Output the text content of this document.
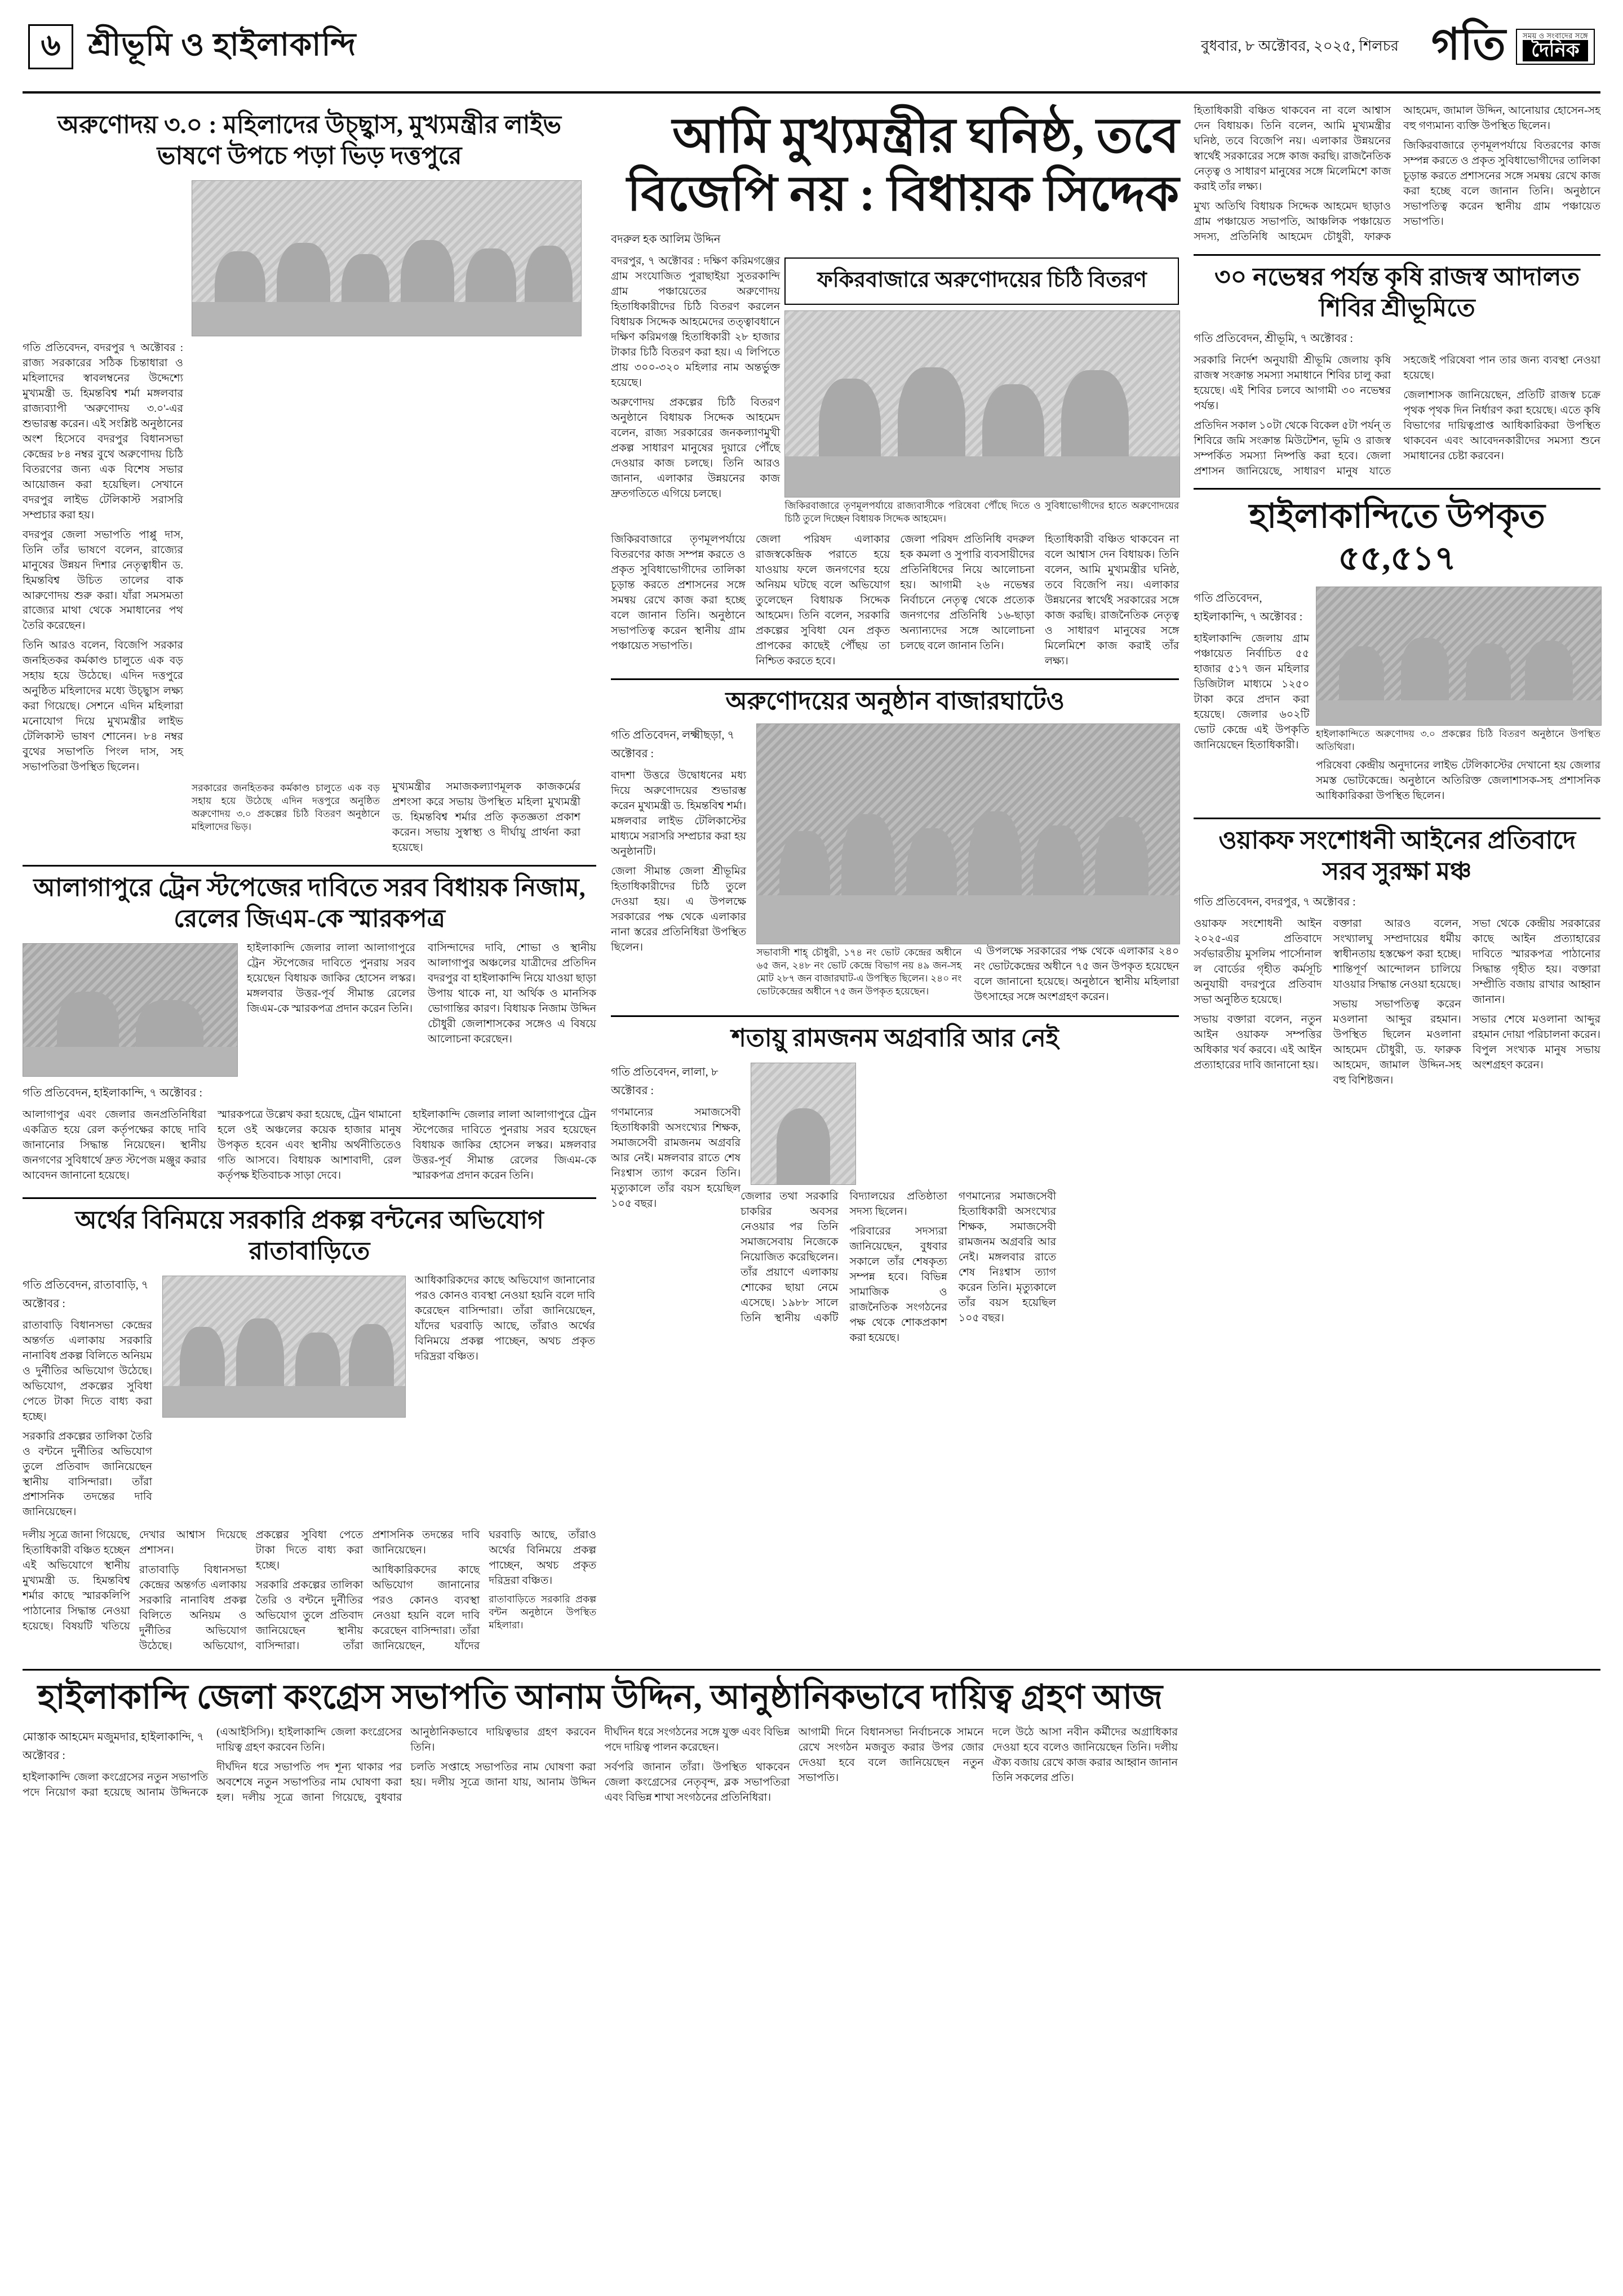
৬ শ্রীভূমি ও হাইলাকান্দি	বুধবার, ৮ অক্টোবর, ২০২৫, শিলচর গতি সময় ও সংবাদের সঙ্গে
দৈনিক
অরুণোদয় ৩.০ : মহিলাদের উচ্ছ্বাস, মুখ্যমন্ত্রীর লাইভ ভাষণে উপচে পড়া ভিড় দত্তপুরে

গতি প্রতিবেদন, বদরপুর ৭ অক্টোবর : রাজ্য সরকারের সঠিক চিন্তাধারা ও মহিলাদের স্বাবলম্বনের উদ্দেশ্যে মুখ্যমন্ত্রী ড. হিমন্তবিশ্ব শর্মা মঙ্গলবার রাজ্যব্যাপী 'অরুণোদয় ৩.০'-এর শুভারম্ভ করেন। এই সংশ্লিষ্ট অনুষ্ঠানের অংশ হিসেবে বদরপুর বিধানসভা কেন্দ্রের ৮৪ নম্বর বুথে অরুণোদয় চিঠি বিতরণের জন্য এক বিশেষ সভার আয়োজন করা হয়েছিল। সেখানে বদরপুর লাইভ টেলিকাস্ট সরাসরি সম্প্রচার করা হয়।

বদরপুর জেলা সভাপতি পাপ্পু দাস, তিনি তাঁর ভাষণে বলেন, রাজ্যের মানুষের উন্নয়ন দিশার নেতৃত্বাধীন ড. হিমন্তবিশ্ব উচিত তালের বাক আরুণোদয় শুরু করা। যাঁরা সমসমতা রাজ্যের মাথা থেকে সমাধানের পথ তৈরি করেছেন।

তিনি আরও বলেন, বিজেপি সরকার জনহিতকর কর্মকাণ্ড চালুতে এক বড় সহায় হয়ে উঠেছে। এদিন দত্তপুরে অনুষ্ঠিত মহিলাদের মধ্যে উচ্ছ্বাস লক্ষ্য করা গিয়েছে। সেশনে এদিন মহিলারা মনোযোগ দিয়ে মুখ্যমন্ত্রীর লাইভ টেলিকাস্ট ভাষণ শোনেন। ৮৪ নম্বর বুথের সভাপতি পিংল দাস, সহ সভাপতিরা উপস্থিত ছিলেন।

সরকারের জনহিতকর কর্মকাণ্ড চালুতে এক বড় সহায় হয়ে উঠেছে এদিন দত্তপুরে অনুষ্ঠিত অরুণোদয় ৩.০ প্রকল্পের চিঠি বিতরণ অনুষ্ঠানে মহিলাদের ভিড়।

মুখ্যমন্ত্রীর সমাজকল্যাণমূলক কাজকর্মের প্রশংসা করে সভায় উপস্থিত মহিলা মুখ্যমন্ত্রী ড. হিমন্তবিশ্ব শর্মার প্রতি কৃতজ্ঞতা প্রকাশ করেন। সভায় সুস্বাস্থ্য ও দীর্ঘায়ু প্রার্থনা করা হয়েছে।

আলাগাপুরে ট্রেন স্টপেজের দাবিতে সরব বিধায়ক নিজাম, রেলের জিএম-কে স্মারকপত্র

হাইলাকান্দি জেলার লালা আলাগাপুরে ট্রেন স্টপেজের দাবিতে পুনরায় সরব হয়েছেন বিধায়ক জাকির হোসেন লস্কর। মঙ্গলবার উত্তর-পূর্ব সীমান্ত রেলের জিএম-কে স্মারকপত্র প্রদান করেন তিনি।

বাসিন্দাদের দাবি, শোভা ও স্থানীয় আলাগাপুর অঞ্চলের যাত্রীদের প্রতিদিন বদরপুর বা হাইলাকান্দি নিয়ে যাওয়া ছাড়া উপায় থাকে না, যা অর্থিক ও মানসিক ভোগান্তির কারণ। বিধায়ক নিজাম উদ্দিন চৌধুরী জেলাশাসকের সঙ্গেও এ বিষয়ে আলোচনা করেছেন।

গতি প্রতিবেদন, হাইলাকান্দি, ৭ অক্টোবর :

আলাগাপুর এবং জেলার জনপ্রতিনিধিরা একত্রিত হয়ে রেল কর্তৃপক্ষের কাছে দাবি জানানোর সিদ্ধান্ত নিয়েছেন। স্থানীয় জনগণের সুবিধার্থে দ্রুত স্টপেজ মঞ্জুর করার আবেদন জানানো হয়েছে।

স্মারকপত্রে উল্লেখ করা হয়েছে, ট্রেন থামানো হলে ওই অঞ্চলের কয়েক হাজার মানুষ উপকৃত হবেন এবং স্থানীয় অর্থনীতিতেও গতি আসবে। বিধায়ক আশাবাদী, রেল কর্তৃপক্ষ ইতিবাচক সাড়া দেবে।

হাইলাকান্দি জেলার লালা আলাগাপুরে ট্রেন স্টপেজের দাবিতে পুনরায় সরব হয়েছেন বিধায়ক জাকির হোসেন লস্কর। মঙ্গলবার উত্তর-পূর্ব সীমান্ত রেলের জিএম-কে স্মারকপত্র প্রদান করেন তিনি।

অর্থের বিনিময়ে সরকারি প্রকল্প বন্টনের অভিযোগ রাতাবাড়িতে

গতি প্রতিবেদন, রাতাবাড়ি, ৭ অক্টোবর :

রাতাবাড়ি বিধানসভা কেন্দ্রের অন্তর্গত এলাকায় সরকারি নানাবিধ প্রকল্প বিলিতে অনিয়ম ও দুর্নীতির অভিযোগ উঠেছে। অভিযোগ, প্রকল্পের সুবিধা পেতে টাকা দিতে বাধ্য করা হচ্ছে।

সরকারি প্রকল্পের তালিকা তৈরি ও বন্টনে দুর্নীতির অভিযোগ তুলে প্রতিবাদ জানিয়েছেন স্থানীয় বাসিন্দারা। তাঁরা প্রশাসনিক তদন্তের দাবি জানিয়েছেন।

আধিকারিকদের কাছে অভিযোগ জানানোর পরও কোনও ব্যবস্থা নেওয়া হয়নি বলে দাবি করেছেন বাসিন্দারা। তাঁরা জানিয়েছেন, যাঁদের ঘরবাড়ি আছে, তাঁরাও অর্থের বিনিময়ে প্রকল্প পাচ্ছেন, অথচ প্রকৃত দরিদ্ররা বঞ্চিত।

দলীয় সূত্রে জানা গিয়েছে, হিতাধিকারী বঞ্চিত হচ্ছেন এই অভিযোগে স্থানীয় মুখ্যমন্ত্রী ড. হিমন্তবিশ্ব শর্মার কাছে স্মারকলিপি পাঠানোর সিদ্ধান্ত নেওয়া হয়েছে। বিষয়টি খতিয়ে দেখার আশ্বাস দিয়েছে প্রশাসন।

রাতাবাড়ি বিধানসভা কেন্দ্রের অন্তর্গত এলাকায় সরকারি নানাবিধ প্রকল্প বিলিতে অনিয়ম ও দুর্নীতির অভিযোগ উঠেছে। অভিযোগ, প্রকল্পের সুবিধা পেতে টাকা দিতে বাধ্য করা হচ্ছে।

সরকারি প্রকল্পের তালিকা তৈরি ও বন্টনে দুর্নীতির অভিযোগ তুলে প্রতিবাদ জানিয়েছেন স্থানীয় বাসিন্দারা। তাঁরা প্রশাসনিক তদন্তের দাবি জানিয়েছেন।

আধিকারিকদের কাছে অভিযোগ জানানোর পরও কোনও ব্যবস্থা নেওয়া হয়নি বলে দাবি করেছেন বাসিন্দারা। তাঁরা জানিয়েছেন, যাঁদের ঘরবাড়ি আছে, তাঁরাও অর্থের বিনিময়ে প্রকল্প পাচ্ছেন, অথচ প্রকৃত দরিদ্ররা বঞ্চিত।

রাতাবাড়িতে সরকারি প্রকল্প বন্টন অনুষ্ঠানে উপস্থিত মহিলারা।

আমি মুখ্যমন্ত্রীর ঘনিষ্ঠ, তবে বিজেপি নয় : বিধায়ক সিদ্দেক

বদরুল হক আলিম উদ্দিন

বদরপুর, ৭ অক্টোবর : দক্ষিণ করিমগঞ্জের গ্রাম সংযোজিত পুরাছাইয়া সুতরকান্দি গ্রাম পঞ্চায়েতের অরুণোদয় হিতাধিকারীদের চিঠি বিতরণ করলেন বিধায়ক সিদ্দেক আহমেদের তত্ত্বাবধানে দক্ষিণ করিমগঞ্জ হিতাধিকারী ২৮ হাজার টাকার চিঠি বিতরণ করা হয়। এ লিপিতে প্রায় ৩০০-৩২০ মহিলার নাম অন্তর্ভুক্ত হয়েছে।

অরুণোদয় প্রকল্পের চিঠি বিতরণ অনুষ্ঠানে বিধায়ক সিদ্দেক আহমেদ বলেন, রাজ্য সরকারের জনকল্যাণমুখী প্রকল্প সাধারণ মানুষের দুয়ারে পৌঁছে দেওয়ার কাজ চলছে। তিনি আরও জানান, এলাকার উন্নয়নের কাজ দ্রুতগতিতে এগিয়ে চলছে।

ফকিরবাজারে অরুণোদয়ের চিঠি বিতরণ

জিকিরবাজারে তৃণমূলপর্যায়ে রাজ্যবাসীকে পরিষেবা পৌঁছে দিতে ও সুবিধাভোগীদের হাতে অরুণোদয়ের চিঠি তুলে দিচ্ছেন বিধায়ক সিদ্দেক আহমেদ।

জিকিরবাজারে তৃণমূলপর্যায়ে বিতরণের কাজ সম্পন্ন করতে ও প্রকৃত সুবিধাভোগীদের তালিকা চূড়ান্ত করতে প্রশাসনের সঙ্গে সমন্বয় রেখে কাজ করা হচ্ছে বলে জানান তিনি। অনুষ্ঠানে সভাপতিত্ব করেন স্থানীয় গ্রাম পঞ্চায়েত সভাপতি।

জেলা পরিষদ এলাকার রাজস্বকেন্দ্রিক পরাতে হয়ে যাওয়ায় ফলে জনগণের হয়ে অনিয়ম ঘটছে বলে অভিযোগ তুলেছেন বিধায়ক সিদ্দেক আহমেদ। তিনি বলেন, সরকারি প্রকল্পের সুবিধা যেন প্রকৃত প্রাপকের কাছেই পৌঁছয় তা নিশ্চিত করতে হবে।

জেলা পরিষদ প্রতিনিধি বদরুল হক কমলা ও সুপারি ব্যবসায়ীদের প্রতিনিধিদের নিয়ে আলোচনা হয়। আগামী ২৬ নভেম্বর নির্বাচনে নেতৃত্ব থেকে প্রত্যেক জনগণের প্রতিনিধি ১৬-ছাড়া অন্যান্যদের সঙ্গে আলোচনা চলছে বলে জানান তিনি।

হিতাধিকারী বঞ্চিত থাকবেন না বলে আশ্বাস দেন বিধায়ক। তিনি বলেন, আমি মুখ্যমন্ত্রীর ঘনিষ্ঠ, তবে বিজেপি নয়। এলাকার উন্নয়নের স্বার্থেই সরকারের সঙ্গে কাজ করছি। রাজনৈতিক নেতৃত্ব ও সাধারণ মানুষের সঙ্গে মিলেমিশে কাজ করাই তাঁর লক্ষ্য।

অরুণোদয়ের অনুষ্ঠান বাজারঘাটেও

গতি প্রতিবেদন, লক্ষ্মীছড়া, ৭ অক্টোবর :

বাদশা উত্তরে উদ্বোধনের মধ্য দিয়ে অরুণোদয়ের শুভারম্ভ করেন মুখ্যমন্ত্রী ড. হিমন্তবিশ্ব শর্মা। মঙ্গলবার লাইভ টেলিকাস্টের মাধ্যমে সরাসরি সম্প্রচার করা হয় অনুষ্ঠানটি।

জেলা সীমান্ত জেলা শ্রীভূমির হিতাধিকারীদের চিঠি তুলে দেওয়া হয়। এ উপলক্ষে সরকারের পক্ষ থেকে এলাকার নানা স্তরের প্রতিনিধিরা উপস্থিত ছিলেন।	সভাবাসী শাহ্ চৌধুরী, ১৭৪ নং ভোট কেন্দ্রের অধীনে ৬৫ জন, ২৪৮ নং ভোট কেন্দ্রে বিভাগ নয় ৪৯ জন-সহ মোট ২৮৭ জন বাজারঘাট-এ উপস্থিত ছিলেন। ২৪০ নং ভোটকেন্দ্রের অধীনে ৭৫ জন উপকৃত হয়েছেন।

এ উপলক্ষে সরকারের পক্ষ থেকে এলাকার ২৪০ নং ভোটকেন্দ্রের অধীনে ৭৫ জন উপকৃত হয়েছেন বলে জানানো হয়েছে। অনুষ্ঠানে স্থানীয় মহিলারা উৎসাহের সঙ্গে অংশগ্রহণ করেন।

শতায়ু রামজনম অগ্রবারি আর নেই

গতি প্রতিবেদন, লালা, ৮ অক্টোবর :

গণমান্যের সমাজসেবী হিতাধিকারী অসংখ্যের শিক্ষক, সমাজসেবী রামজনম অগ্রবরি আর নেই। মঙ্গলবার রাতে শেষ নিঃশ্বাস ত্যাগ করেন তিনি। মৃত্যুকালে তাঁর বয়স হয়েছিল ১০৫ বছর।

জেলার তথা সরকারি চাকরির অবসর নেওয়ার পর তিনি সমাজসেবায় নিজেকে নিয়োজিত করেছিলেন। তাঁর প্রয়াণে এলাকায় শোকের ছায়া নেমে এসেছে। ১৯৮৮ সালে তিনি স্থানীয় একটি বিদ্যালয়ের প্রতিষ্ঠাতা সদস্য ছিলেন।

পরিবারের সদস্যরা জানিয়েছেন, বুধবার সকালে তাঁর শেষকৃত্য সম্পন্ন হবে। বিভিন্ন সামাজিক ও রাজনৈতিক সংগঠনের পক্ষ থেকে শোকপ্রকাশ করা হয়েছে।

গণমান্যের সমাজসেবী হিতাধিকারী অসংখ্যের শিক্ষক, সমাজসেবী রামজনম অগ্রবরি আর নেই। মঙ্গলবার রাতে শেষ নিঃশ্বাস ত্যাগ করেন তিনি। মৃত্যুকালে তাঁর বয়স হয়েছিল ১০৫ বছর।

হিতাধিকারী বঞ্চিত থাকবেন না বলে আশ্বাস দেন বিধায়ক। তিনি বলেন, আমি মুখ্যমন্ত্রীর ঘনিষ্ঠ, তবে বিজেপি নয়। এলাকার উন্নয়নের স্বার্থেই সরকারের সঙ্গে কাজ করছি। রাজনৈতিক নেতৃত্ব ও সাধারণ মানুষের সঙ্গে মিলেমিশে কাজ করাই তাঁর লক্ষ্য।

মুখ্য অতিথি বিধায়ক সিদ্দেক আহমেদ ছাড়াও গ্রাম পঞ্চায়েত সভাপতি, আঞ্চলিক পঞ্চায়েত সদস্য, প্রতিনিধি আহমেদ চৌধুরী, ফারুক আহমেদ, জামাল উদ্দিন, আনোয়ার হোসেন-সহ বহু গণ্যমান্য ব্যক্তি উপস্থিত ছিলেন।

জিকিরবাজারে তৃণমূলপর্যায়ে বিতরণের কাজ সম্পন্ন করতে ও প্রকৃত সুবিধাভোগীদের তালিকা চূড়ান্ত করতে প্রশাসনের সঙ্গে সমন্বয় রেখে কাজ করা হচ্ছে বলে জানান তিনি। অনুষ্ঠানে সভাপতিত্ব করেন স্থানীয় গ্রাম পঞ্চায়েত সভাপতি।

৩০ নভেম্বর পর্যন্ত কৃষি রাজস্ব আদালত শিবির শ্রীভূমিতে

গতি প্রতিবেদন, শ্রীভূমি, ৭ অক্টোবর :

সরকারি নির্দেশ অনুযায়ী শ্রীভূমি জেলায় কৃষি রাজস্ব সংক্রান্ত সমস্যা সমাধানে শিবির চালু করা হয়েছে। এই শিবির চলবে আগামী ৩০ নভেম্বর পর্যন্ত।

প্রতিদিন সকাল ১০টা থেকে বিকেল ৫টা পর্যন্ ত শিবিরে জমি সংক্রান্ত মিউটেশন, ভূমি ও রাজস্ব সম্পর্কিত সমস্যা নিষ্পত্তি করা হবে। জেলা প্রশাসন জানিয়েছে, সাধারণ মানুষ যাতে সহজেই পরিষেবা পান তার জন্য ব্যবস্থা নেওয়া হয়েছে।

জেলাশাসক জানিয়েছেন, প্রতিটি রাজস্ব চক্রে পৃথক পৃথক দিন নির্ধারণ করা হয়েছে। এতে কৃষি বিভাগের দায়িত্বপ্রাপ্ত আধিকারিকরা উপস্থিত থাকবেন এবং আবেদনকারীদের সমস্যা শুনে সমাধানের চেষ্টা করবেন।

হাইলাকান্দিতে উপকৃত ৫৫,৫১৭

গতি প্রতিবেদন, হাইলাকান্দি, ৭ অক্টোবর :

হাইলাকান্দি জেলায় গ্রাম পঞ্চায়েত নির্বাচিত ৫৫ হাজার ৫১৭ জন মহিলার ডিজিটাল মাধ্যমে ১২৫০ টাকা করে প্রদান করা হয়েছে। জেলার ৬০২টি ভোট কেন্দ্রে এই উপকৃতি জানিয়েছেন হিতাধিকারী।

হাইলাকান্দিতে অরুণোদয় ৩.০ প্রকল্পের চিঠি বিতরণ অনুষ্ঠানে উপস্থিত অতিথিরা।

পরিষেবা কেন্দ্রীয় অনুদানের লাইভ টেলিকাস্টের দেখানো হয় জেলার সমস্ত ভোটকেন্দ্রে। অনুষ্ঠানে অতিরিক্ত জেলাশাসক-সহ প্রশাসনিক আধিকারিকরা উপস্থিত ছিলেন।

ওয়াকফ সংশোধনী আইনের প্রতিবাদে সরব সুরক্ষা মঞ্চ

গতি প্রতিবেদন, বদরপুর, ৭ অক্টোবর :

ওয়াকফ সংশোধনী আইন ২০২৫-এর প্রতিবাদে সর্বভারতীয় মুসলিম পার্সোনাল ল বোর্ডের গৃহীত কর্মসূচি অনুযায়ী বদরপুরে প্রতিবাদ সভা অনুষ্ঠিত হয়েছে।

সভায় বক্তারা বলেন, নতুন আইন ওয়াকফ সম্পত্তির অধিকার খর্ব করবে। এই আইন প্রত্যাহারের দাবি জানানো হয়।

বক্তারা আরও বলেন, সংখ্যালঘু সম্প্রদায়ের ধর্মীয় স্বাধীনতায় হস্তক্ষেপ করা হচ্ছে। শান্তিপূর্ণ আন্দোলন চালিয়ে যাওয়ার সিদ্ধান্ত নেওয়া হয়েছে।

সভায় সভাপতিত্ব করেন মওলানা আব্দুর রহমান। উপস্থিত ছিলেন মওলানা আহমেদ চৌধুরী, ড. ফারুক আহমেদ, জামাল উদ্দিন-সহ বহু বিশিষ্টজন।

সভা থেকে কেন্দ্রীয় সরকারের কাছে আইন প্রত্যাহারের দাবিতে স্মারকপত্র পাঠানোর সিদ্ধান্ত গৃহীত হয়। বক্তারা সম্প্রীতি বজায় রাখার আহ্বান জানান।

সভার শেষে মওলানা আব্দুর রহমান দোয়া পরিচালনা করেন। বিপুল সংখ্যক মানুষ সভায় অংশগ্রহণ করেন।

হাইলাকান্দি জেলা কংগ্রেস সভাপতি আনাম উদ্দিন, আনুষ্ঠানিকভাবে দায়িত্ব গ্রহণ আজ

মোস্তাক আহমেদ মজুমদার, হাইলাকান্দি, ৭ অক্টোবর :

হাইলাকান্দি জেলা কংগ্রেসের নতুন সভাপতি পদে নিয়োগ করা হয়েছে আনাম উদ্দিনকে (এআইসিসি)। হাইলাকান্দি জেলা কংগ্রেসের দায়িত্ব গ্রহণ করবেন তিনি।

দীর্ঘদিন ধরে সভাপতি পদ শূন্য থাকার পর অবশেষে নতুন সভাপতির নাম ঘোষণা করা হল। দলীয় সূত্রে জানা গিয়েছে, বুধবার আনুষ্ঠানিকভাবে দায়িত্বভার গ্রহণ করবেন তিনি।

চলতি সপ্তাহে সভাপতির নাম ঘোষণা করা হয়। দলীয় সূত্রে জানা যায়, আনাম উদ্দিন দীর্ঘদিন ধরে সংগঠনের সঙ্গে যুক্ত এবং বিভিন্ন পদে দায়িত্ব পালন করেছেন।

সর্বপরি জানান তাঁরা। উপস্থিত থাকবেন জেলা কংগ্রেসের নেতৃবৃন্দ, ব্লক সভাপতিরা এবং বিভিন্ন শাখা সংগঠনের প্রতিনিধিরা।

আগামী দিনে বিধানসভা নির্বাচনকে সামনে রেখে সংগঠন মজবুত করার উপর জোর দেওয়া হবে বলে জানিয়েছেন নতুন সভাপতি।

দলে উঠে আসা নবীন কর্মীদের অগ্রাধিকার দেওয়া হবে বলেও জানিয়েছেন তিনি। দলীয় ঐক্য বজায় রেখে কাজ করার আহ্বান জানান তিনি সকলের প্রতি।
